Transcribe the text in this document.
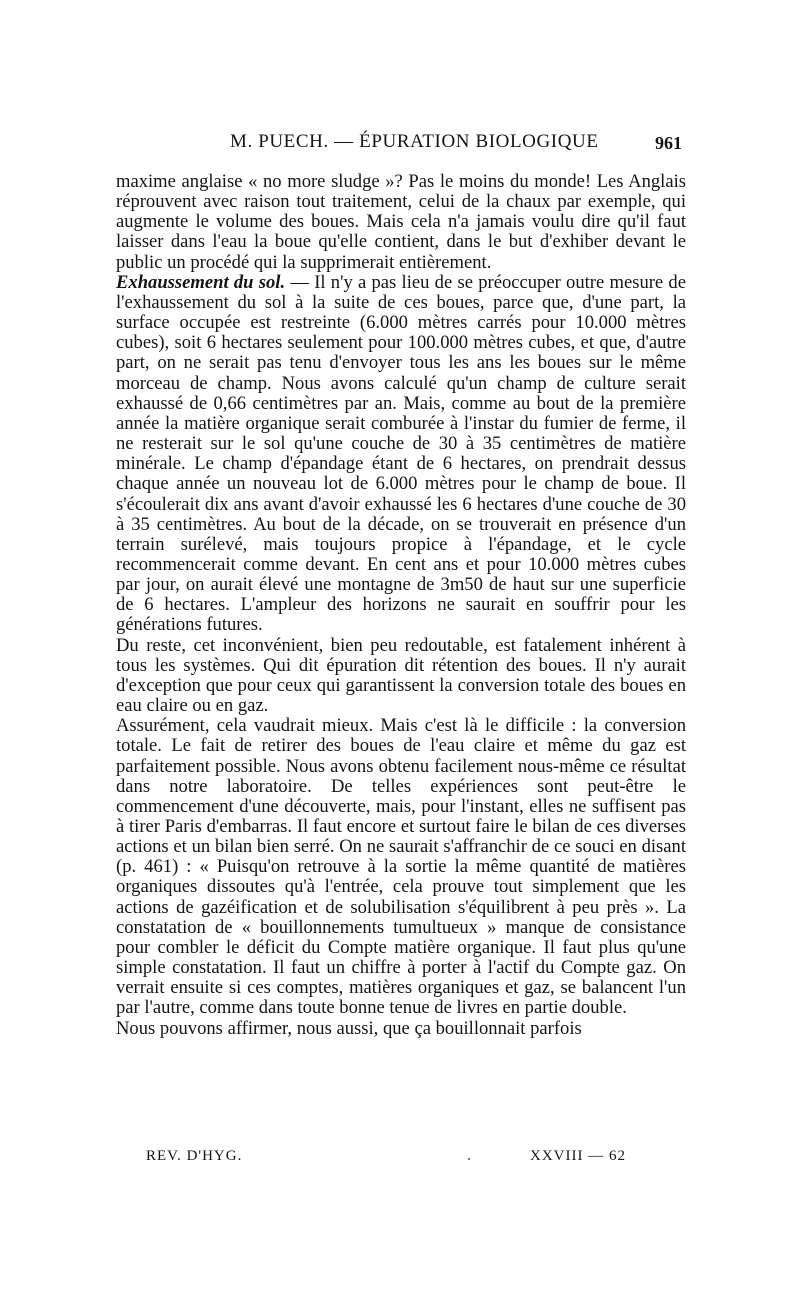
M. PUECH. — ÉPURATION BIOLOGIQUE	961

maxime anglaise « no more sludge »? Pas le moins du monde! Les Anglais réprouvent avec raison tout traitement, celui de la chaux par exemple, qui augmente le volume des boues. Mais cela n'a jamais voulu dire qu'il faut laisser dans l'eau la boue qu'elle contient, dans le but d'exhiber devant le public un procédé qui la supprimerait entièrement.

Exhaussement du sol. — Il n'y a pas lieu de se préoccuper outre mesure de l'exhaussement du sol à la suite de ces boues, parce que, d'une part, la surface occupée est restreinte (6.000 mètres carrés pour 10.000 mètres cubes), soit 6 hectares seulement pour 100.000 mètres cubes, et que, d'autre part, on ne serait pas tenu d'envoyer tous les ans les boues sur le même morceau de champ. Nous avons calculé qu'un champ de culture serait exhaussé de 0,66 centimètres par an. Mais, comme au bout de la première année la matière organique serait comburée à l'instar du fumier de ferme, il ne resterait sur le sol qu'une couche de 30 à 35 centimètres de matière minérale. Le champ d'épandage étant de 6 hectares, on prendrait dessus chaque année un nouveau lot de 6.000 mètres pour le champ de boue. Il s'écoulerait dix ans avant d'avoir exhaussé les 6 hectares d'une couche de 30 à 35 centimètres. Au bout de la décade, on se trouverait en présence d'un terrain surélevé, mais toujours propice à l'épandage, et le cycle recommencerait comme devant. En cent ans et pour 10.000 mètres cubes par jour, on aurait élevé une montagne de 3m50 de haut sur une superficie de 6 hectares. L'ampleur des horizons ne saurait en souffrir pour les générations futures.

Du reste, cet inconvénient, bien peu redoutable, est fatalement inhérent à tous les systèmes. Qui dit épuration dit rétention des boues. Il n'y aurait d'exception que pour ceux qui garantissent la conversion totale des boues en eau claire ou en gaz.

Assurément, cela vaudrait mieux. Mais c'est là le difficile : la conversion totale. Le fait de retirer des boues de l'eau claire et même du gaz est parfaitement possible. Nous avons obtenu facilement nous-même ce résultat dans notre laboratoire. De telles expériences sont peut-être le commencement d'une découverte, mais, pour l'instant, elles ne suffisent pas à tirer Paris d'embarras. Il faut encore et surtout faire le bilan de ces diverses actions et un bilan bien serré. On ne saurait s'affranchir de ce souci en disant (p. 461) : « Puisqu'on retrouve à la sortie la même quantité de matières organiques dissoutes qu'à l'entrée, cela prouve tout simplement que les actions de gazéification et de solubilisation s'équilibrent à peu près ». La constatation de « bouillonnements tumultueux » manque de consistance pour combler le déficit du Compte matière organique. Il faut plus qu'une simple constatation. Il faut un chiffre à porter à l'actif du Compte gaz. On verrait ensuite si ces comptes, matières organiques et gaz, se balancent l'un par l'autre, comme dans toute bonne tenue de livres en partie double.

Nous pouvons affirmer, nous aussi, que ça bouillonnait parfois

REV. D'HYG.	XXVIII — 62
